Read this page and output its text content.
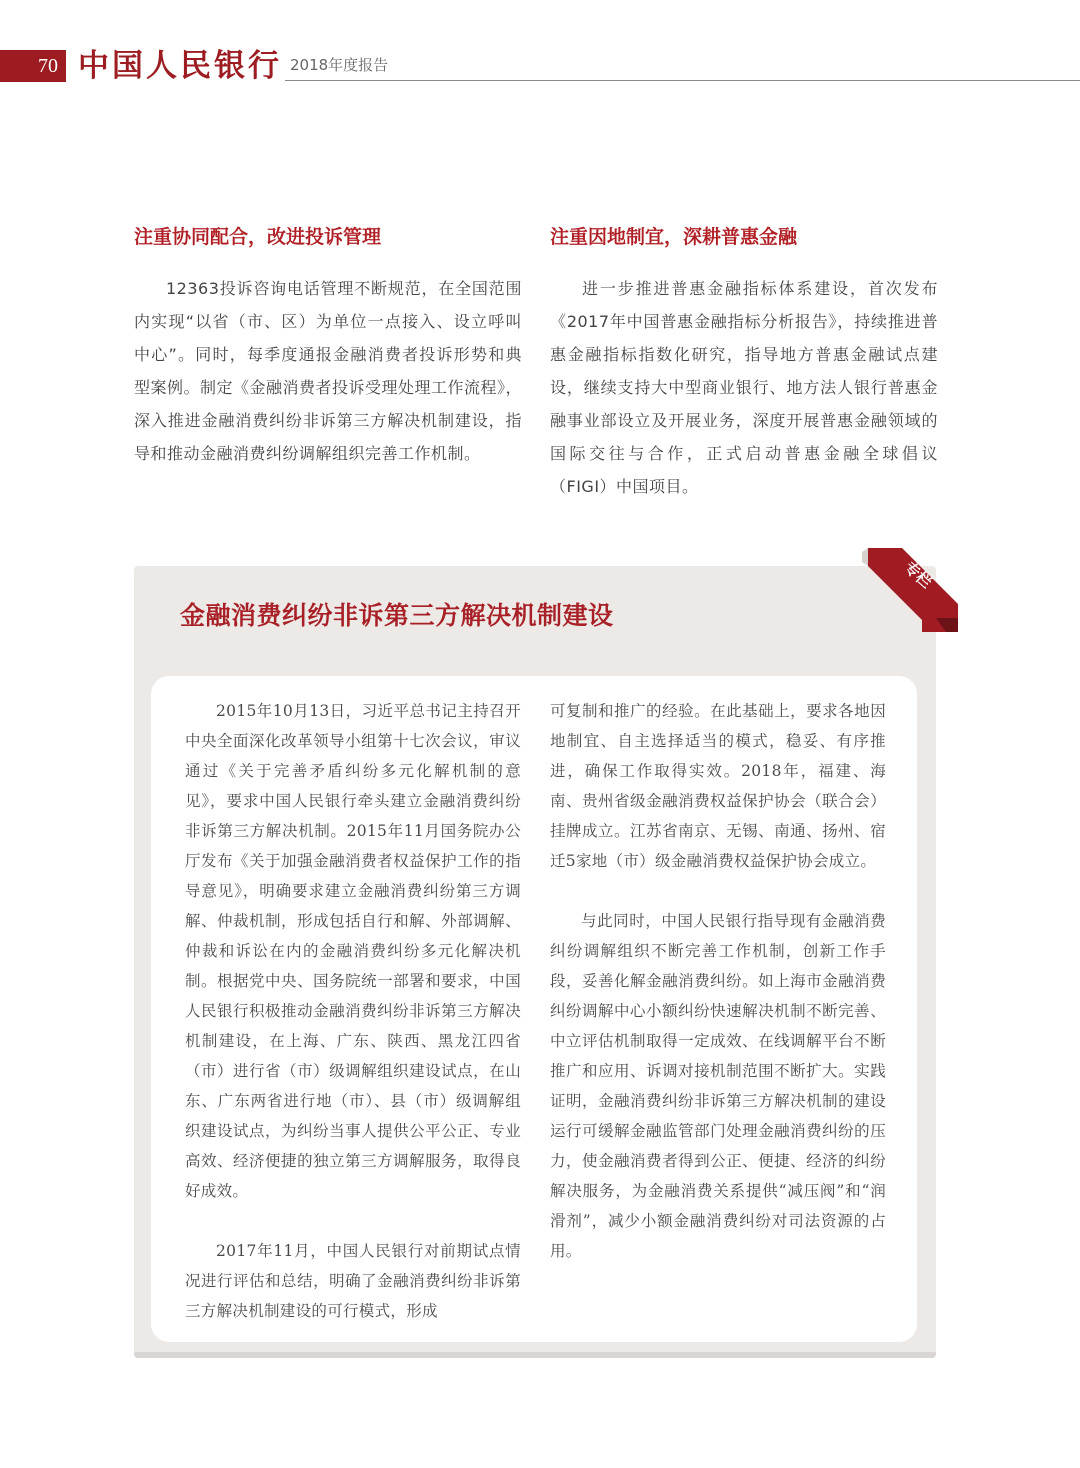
70 中国人民银行 2018年度报告
注重协同配合，改进投诉管理

12363投诉咨询电话管理不断规范，在全国范围内实现“以省（市、区）为单位一点接入、设立呼叫中心”。同时，每季度通报金融消费者投诉形势和典型案例。制定《金融消费者投诉受理处理工作流程》，深入推进金融消费纠纷非诉第三方解决机制建设，指导和推动金融消费纠纷调解组织完善工作机制。

注重因地制宜，深耕普惠金融

进一步推进普惠金融指标体系建设，首次发布《2017年中国普惠金融指标分析报告》，持续推进普惠金融指标指数化研究，指导地方普惠金融试点建设，继续支持大中型商业银行、地方法人银行普惠金融事业部设立及开展业务，深度开展普惠金融领域的国际交往与合作，正式启动普惠金融全球倡议（FIGI）中国项目。

专栏
金融消费纠纷非诉第三方解决机制建设

2015年10月13日，习近平总书记主持召开中央全面深化改革领导小组第十七次会议，审议通过《关于完善矛盾纠纷多元化解机制的意见》，要求中国人民银行牵头建立金融消费纠纷非诉第三方解决机制。2015年11月国务院办公厅发布《关于加强金融消费者权益保护工作的指导意见》，明确要求建立金融消费纠纷第三方调解、仲裁机制，形成包括自行和解、外部调解、仲裁和诉讼在内的金融消费纠纷多元化解决机制。根据党中央、国务院统一部署和要求，中国人民银行积极推动金融消费纠纷非诉第三方解决机制建设，在上海、广东、陕西、黑龙江四省（市）进行省（市）级调解组织建设试点，在山东、广东两省进行地（市）、县（市）级调解组织建设试点，为纠纷当事人提供公平公正、专业高效、经济便捷的独立第三方调解服务，取得良好成效。

2017年11月，中国人民银行对前期试点情况进行评估和总结，明确了金融消费纠纷非诉第三方解决机制建设的可行模式，形成

可复制和推广的经验。在此基础上，要求各地因地制宜、自主选择适当的模式，稳妥、有序推进，确保工作取得实效。2018年，福建、海南、贵州省级金融消费权益保护协会（联合会）挂牌成立。江苏省南京、无锡、南通、扬州、宿迁5家地（市）级金融消费权益保护协会成立。

与此同时，中国人民银行指导现有金融消费纠纷调解组织不断完善工作机制，创新工作手段，妥善化解金融消费纠纷。如上海市金融消费纠纷调解中心小额纠纷快速解决机制不断完善、中立评估机制取得一定成效、在线调解平台不断推广和应用、诉调对接机制范围不断扩大。实践证明，金融消费纠纷非诉第三方解决机制的建设运行可缓解金融监管部门处理金融消费纠纷的压力，使金融消费者得到公正、便捷、经济的纠纷解决服务，为金融消费关系提供“减压阀”和“润滑剂”，减少小额金融消费纠纷对司法资源的占用。
